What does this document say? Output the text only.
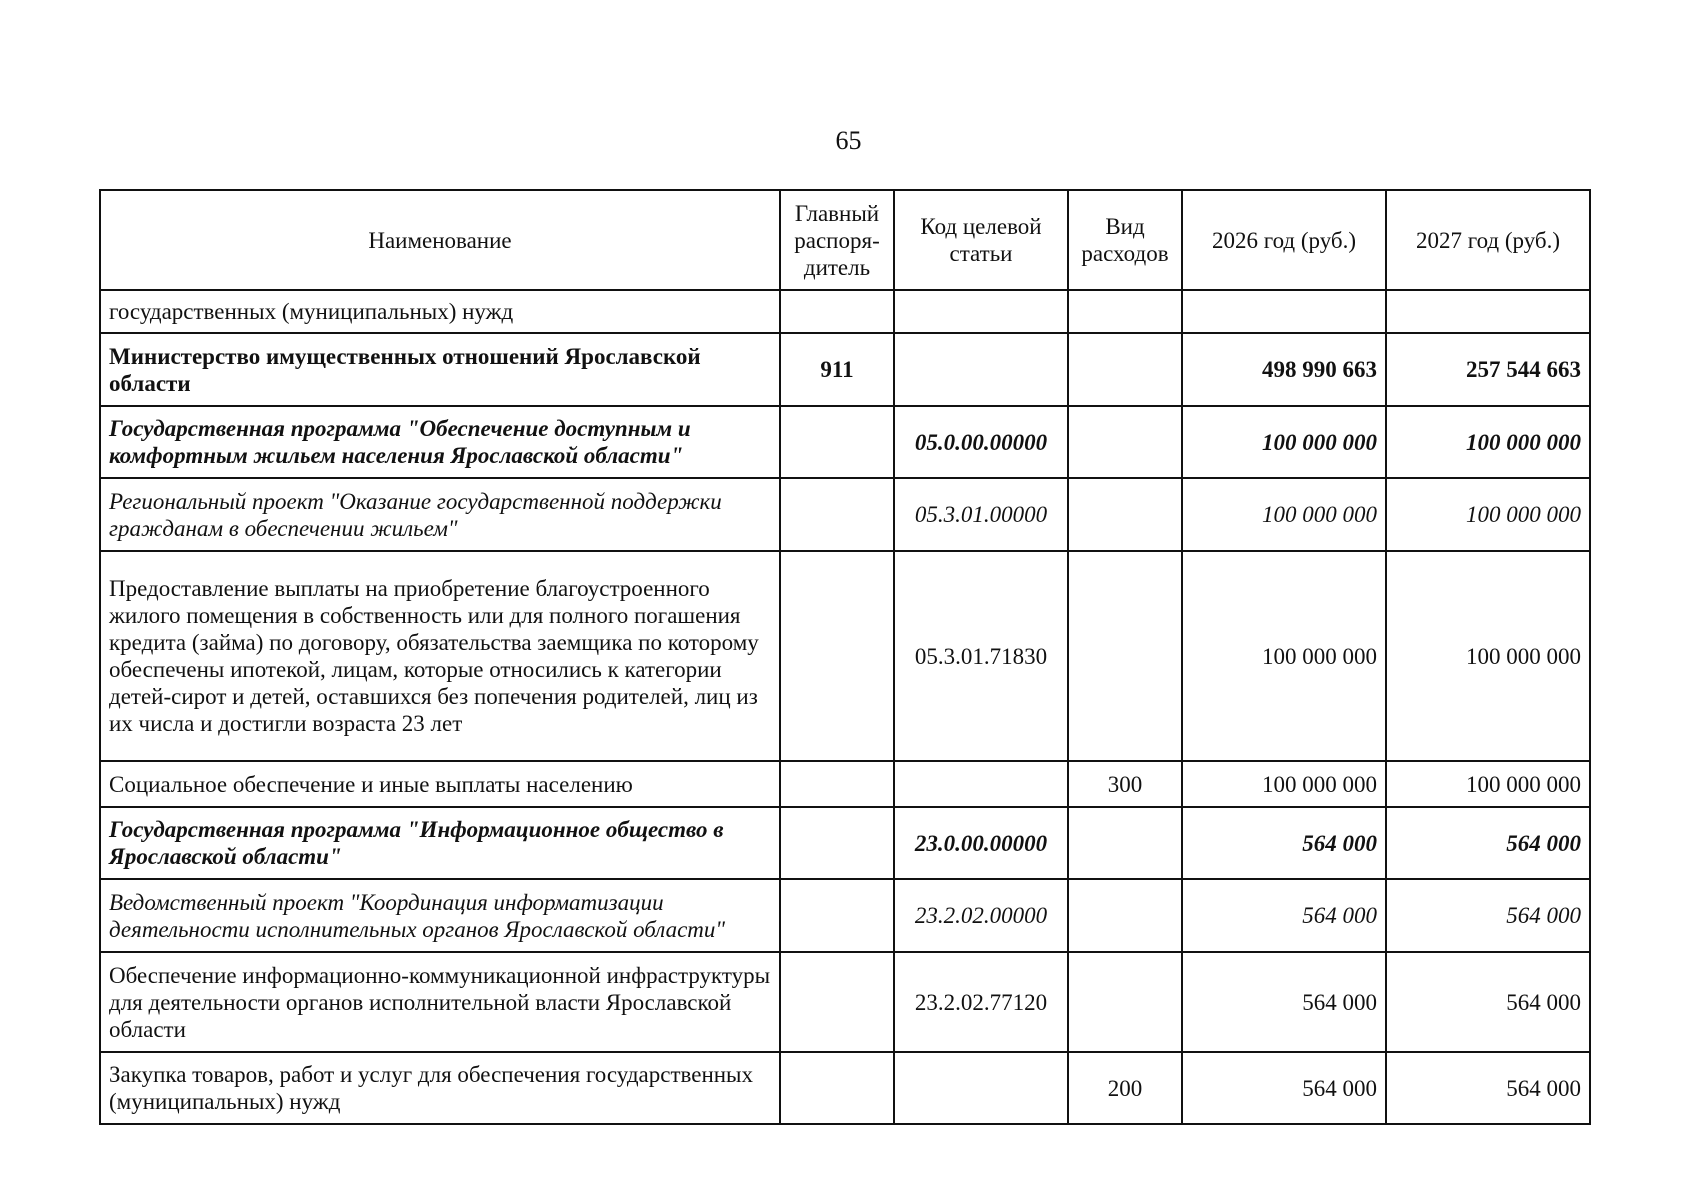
65
Наименование	Главный распоря-дитель	Код целевой статьи	Вид расходов	2026 год (руб.)	2027 год (руб.)
государственных (муниципальных) нужд					
Министерство имущественных отношений Ярославской области	911			498 990 663	257 544 663
Государственная программа "Обеспечение доступным и комфортным жильем населения Ярославской области"		05.0.00.00000		100 000 000	100 000 000
Региональный проект "Оказание государственной поддержки гражданам в обеспечении жильем"		05.3.01.00000		100 000 000	100 000 000
Предоставление выплаты на приобретение благоустроенного жилого помещения в собственность или для полного погашения кредита (займа) по договору, обязательства заемщика по которому обеспечены ипотекой, лицам, которые относились к категории детей-сирот и детей, оставшихся без попечения родителей, лиц из их числа и достигли возраста 23 лет		05.3.01.71830		100 000 000	100 000 000
Социальное обеспечение и иные выплаты населению			300	100 000 000	100 000 000
Государственная программа "Информационное общество в Ярославской области"		23.0.00.00000		564 000	564 000
Ведомственный проект "Координация информатизации деятельности исполнительных органов Ярославской области"		23.2.02.00000		564 000	564 000
Обеспечение информационно-коммуникационной инфраструктуры для деятельности органов исполнительной власти Ярославской области		23.2.02.77120		564 000	564 000
Закупка товаров, работ и услуг для обеспечения государственных (муниципальных) нужд			200	564 000	564 000
